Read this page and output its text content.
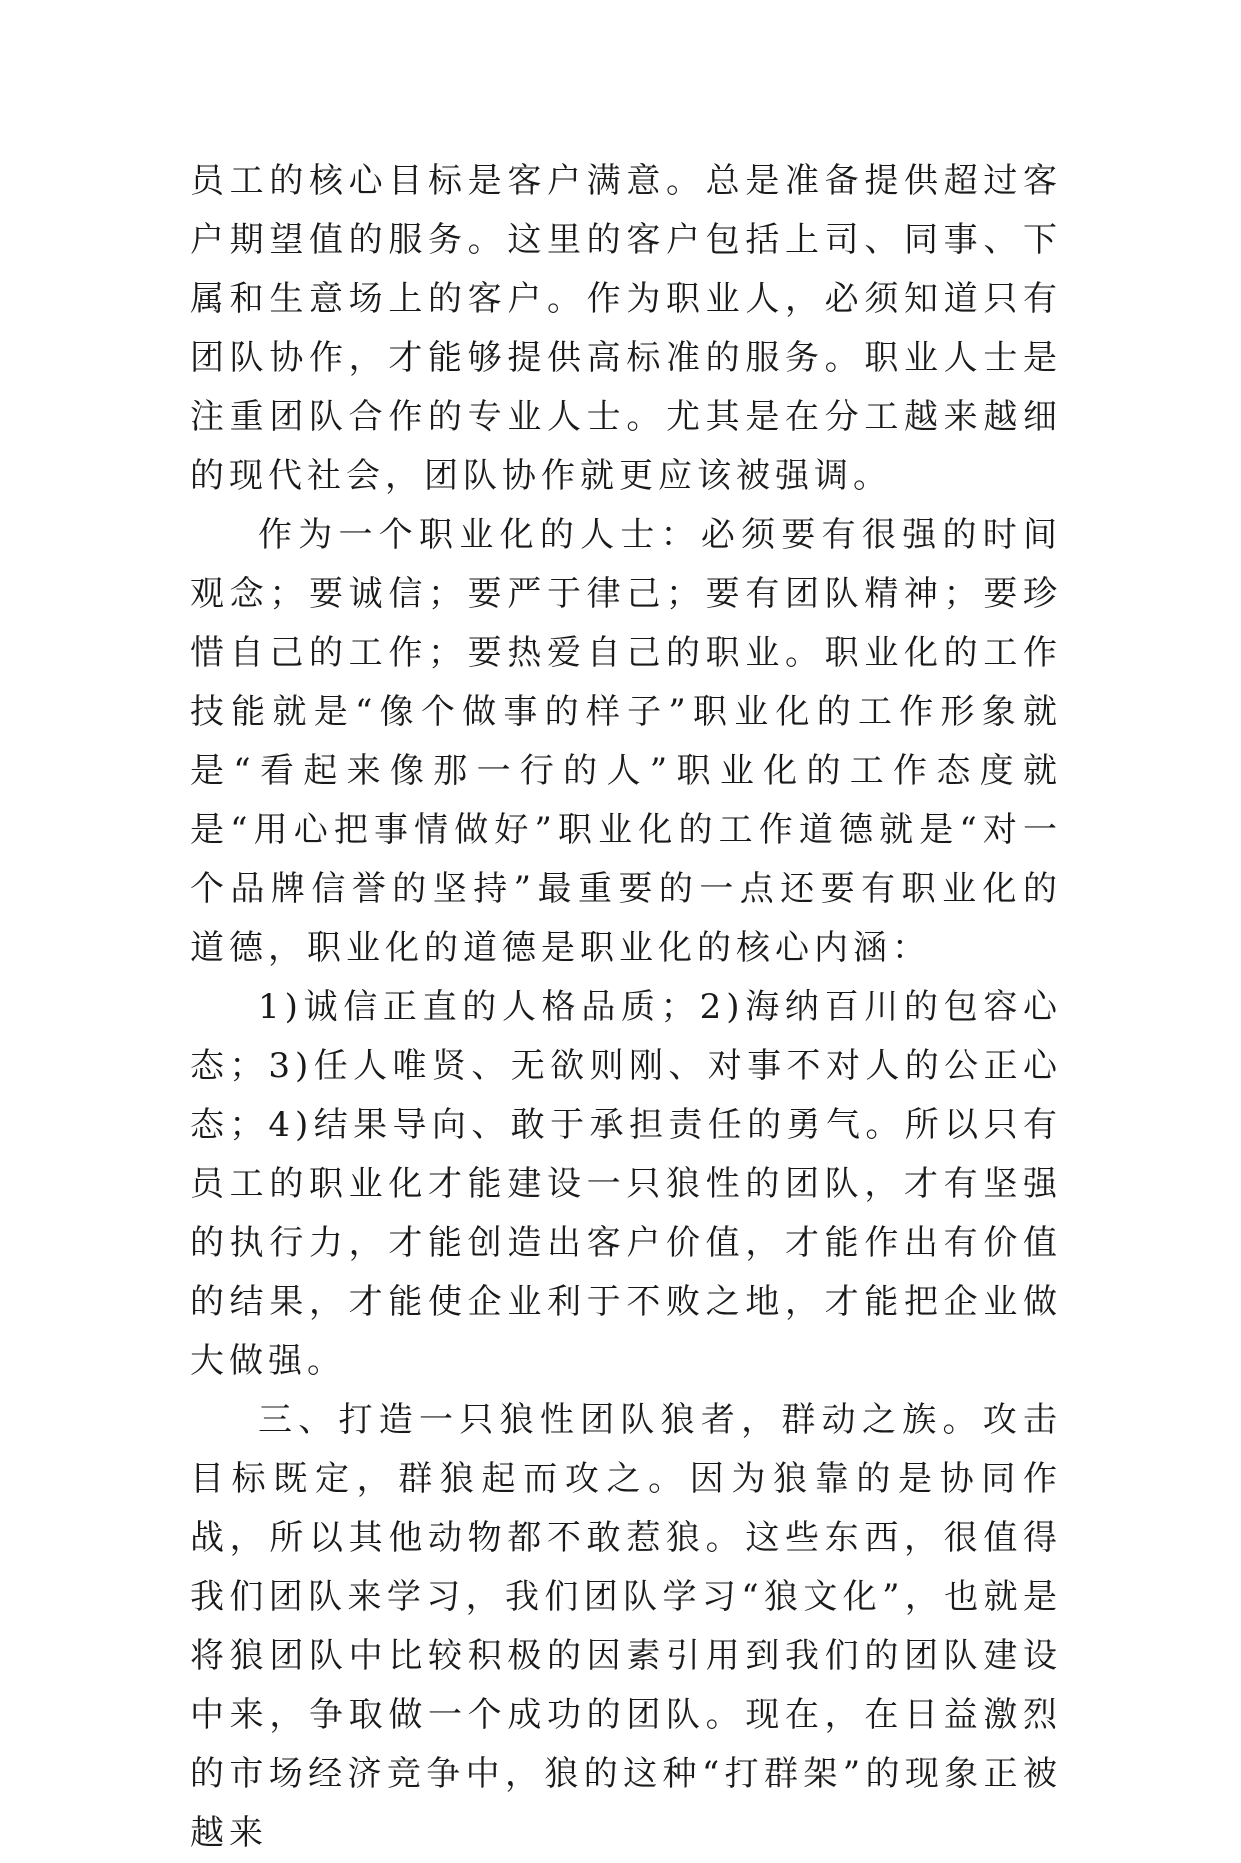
员工的核心目标是客户满意。总是准备提供超过客户期望值的服务。这里的客户包括上司、同事、下属和生意场上的客户。作为职业人，必须知道只有团队协作，才能够提供高标准的服务。职业人士是注重团队合作的专业人士。尤其是在分工越来越细的现代社会，团队协作就更应该被强调。

作为一个职业化的人士：必须要有很强的时间观念；要诚信；要严于律己；要有团队精神；要珍惜自己的工作；要热爱自己的职业。职业化的工作技能就是“像个做事的样子”职业化的工作形象就是“看起来像那一行的人”职业化的工作态度就是“用心把事情做好”职业化的工作道德就是“对一个品牌信誉的坚持”最重要的一点还要有职业化的道德，职业化的道德是职业化的核心内涵：

1)诚信正直的人格品质；2)海纳百川的包容心态；3)任人唯贤、无欲则刚、对事不对人的公正心态；4)结果导向、敢于承担责任的勇气。所以只有员工的职业化才能建设一只狼性的团队，才有坚强的执行力，才能创造出客户价值，才能作出有价值的结果，才能使企业利于不败之地，才能把企业做大做强。

三、打造一只狼性团队狼者，群动之族。攻击目标既定，群狼起而攻之。因为狼靠的是协同作战，所以其他动物都不敢惹狼。这些东西，很值得我们团队来学习，我们团队学习“狼文化”，也就是将狼团队中比较积极的因素引用到我们的团队建设中来，争取做一个成功的团队。现在，在日益激烈的市场经济竞争中，狼的这种“打群架”的现象正被越来
